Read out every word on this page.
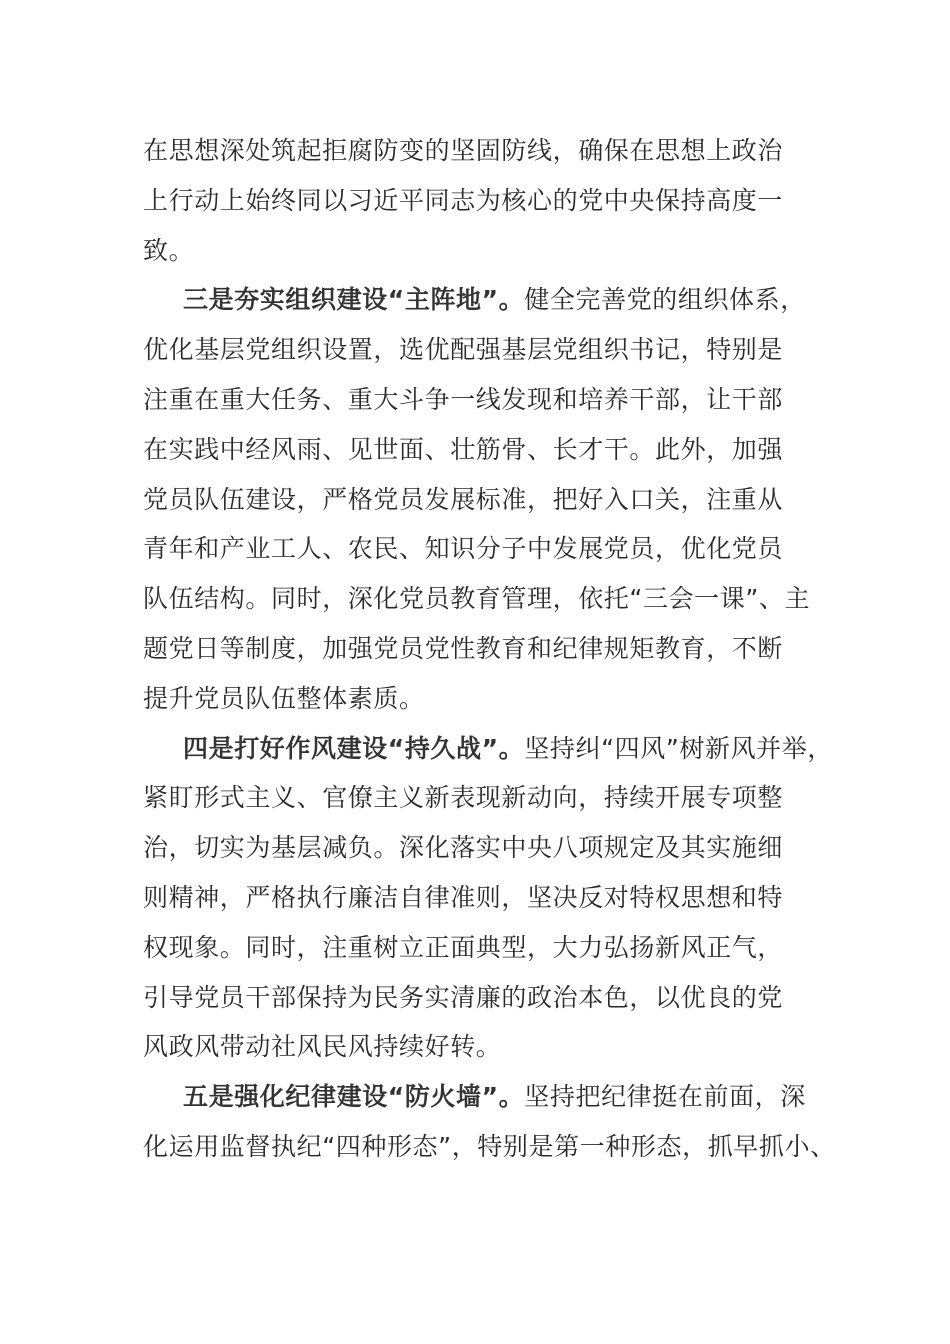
在思想深处筑起拒腐防变的坚固防线，确保在思想上政治
上行动上始终同以习近平同志为核心的党中央保持高度一
致。
三是夯实组织建设“主阵地”。健全完善党的组织体系，
优化基层党组织设置，选优配强基层党组织书记，特别是
注重在重大任务、重大斗争一线发现和培养干部，让干部
在实践中经风雨、见世面、壮筋骨、长才干。此外，加强
党员队伍建设，严格党员发展标准，把好入口关，注重从
青年和产业工人、农民、知识分子中发展党员，优化党员
队伍结构。同时，深化党员教育管理，依托“三会一课”、主
题党日等制度，加强党员党性教育和纪律规矩教育，不断
提升党员队伍整体素质。
四是打好作风建设“持久战”。坚持纠“四风”树新风并举，
紧盯形式主义、官僚主义新表现新动向，持续开展专项整
治，切实为基层减负。深化落实中央八项规定及其实施细
则精神，严格执行廉洁自律准则，坚决反对特权思想和特
权现象。同时，注重树立正面典型，大力弘扬新风正气，
引导党员干部保持为民务实清廉的政治本色，以优良的党
风政风带动社风民风持续好转。
五是强化纪律建设“防火墙”。坚持把纪律挺在前面，深
化运用监督执纪“四种形态”，特别是第一种形态，抓早抓小、
